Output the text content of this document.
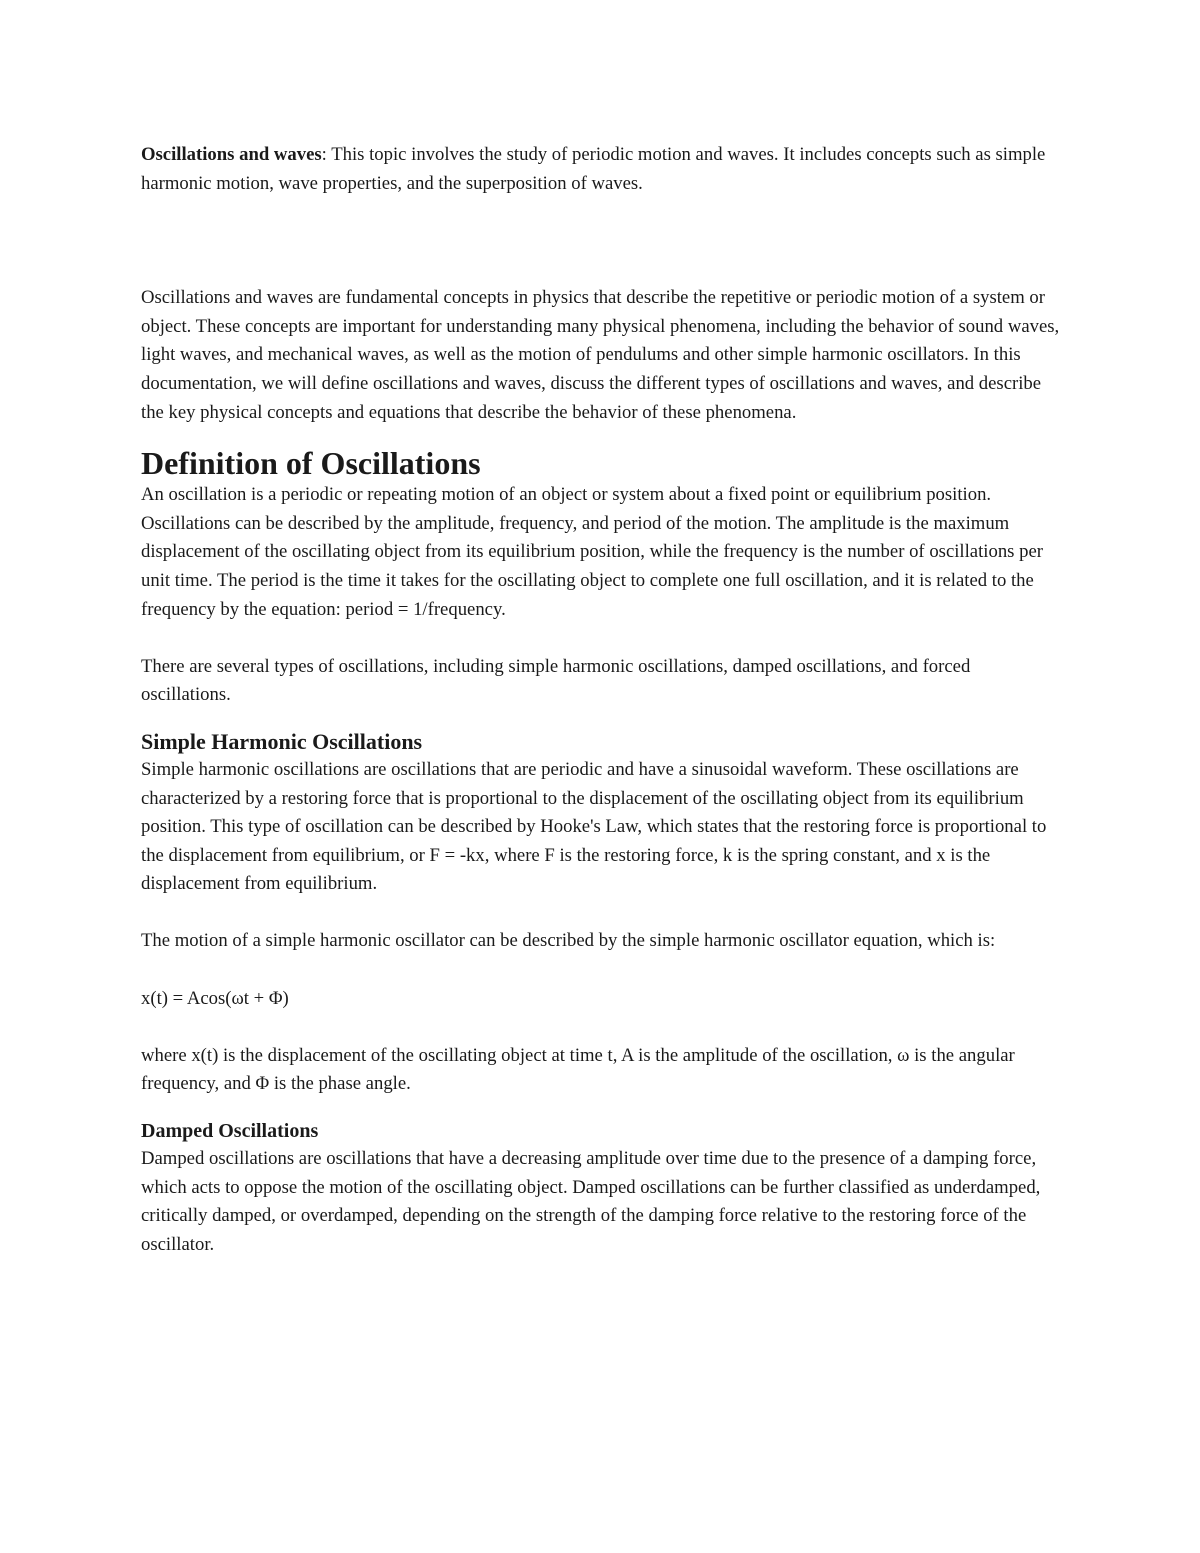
Oscillations and waves: This topic involves the study of periodic motion and waves. It includes concepts such as simple harmonic motion, wave properties, and the superposition of waves.

Oscillations and waves are fundamental concepts in physics that describe the repetitive or periodic motion of a system or object. These concepts are important for understanding many physical phenomena, including the behavior of sound waves, light waves, and mechanical waves, as well as the motion of pendulums and other simple harmonic oscillators. In this documentation, we will define oscillations and waves, discuss the different types of oscillations and waves, and describe the key physical concepts and equations that describe the behavior of these phenomena.

Definition of Oscillations

An oscillation is a periodic or repeating motion of an object or system about a fixed point or equilibrium position. Oscillations can be described by the amplitude, frequency, and period of the motion. The amplitude is the maximum displacement of the oscillating object from its equilibrium position, while the frequency is the number of oscillations per unit time. The period is the time it takes for the oscillating object to complete one full oscillation, and it is related to the frequency by the equation: period = 1/frequency.

There are several types of oscillations, including simple harmonic oscillations, damped oscillations, and forced oscillations.

Simple Harmonic Oscillations

Simple harmonic oscillations are oscillations that are periodic and have a sinusoidal waveform. These oscillations are characterized by a restoring force that is proportional to the displacement of the oscillating object from its equilibrium position. This type of oscillation can be described by Hooke's Law, which states that the restoring force is proportional to the displacement from equilibrium, or F = -kx, where F is the restoring force, k is the spring constant, and x is the displacement from equilibrium.

The motion of a simple harmonic oscillator can be described by the simple harmonic oscillator equation, which is:

x(t) = Acos(ωt + Φ)

where x(t) is the displacement of the oscillating object at time t, A is the amplitude of the oscillation, ω is the angular frequency, and Φ is the phase angle.

Damped Oscillations

Damped oscillations are oscillations that have a decreasing amplitude over time due to the presence of a damping force, which acts to oppose the motion of the oscillating object. Damped oscillations can be further classified as underdamped, critically damped, or overdamped, depending on the strength of the damping force relative to the restoring force of the oscillator.
